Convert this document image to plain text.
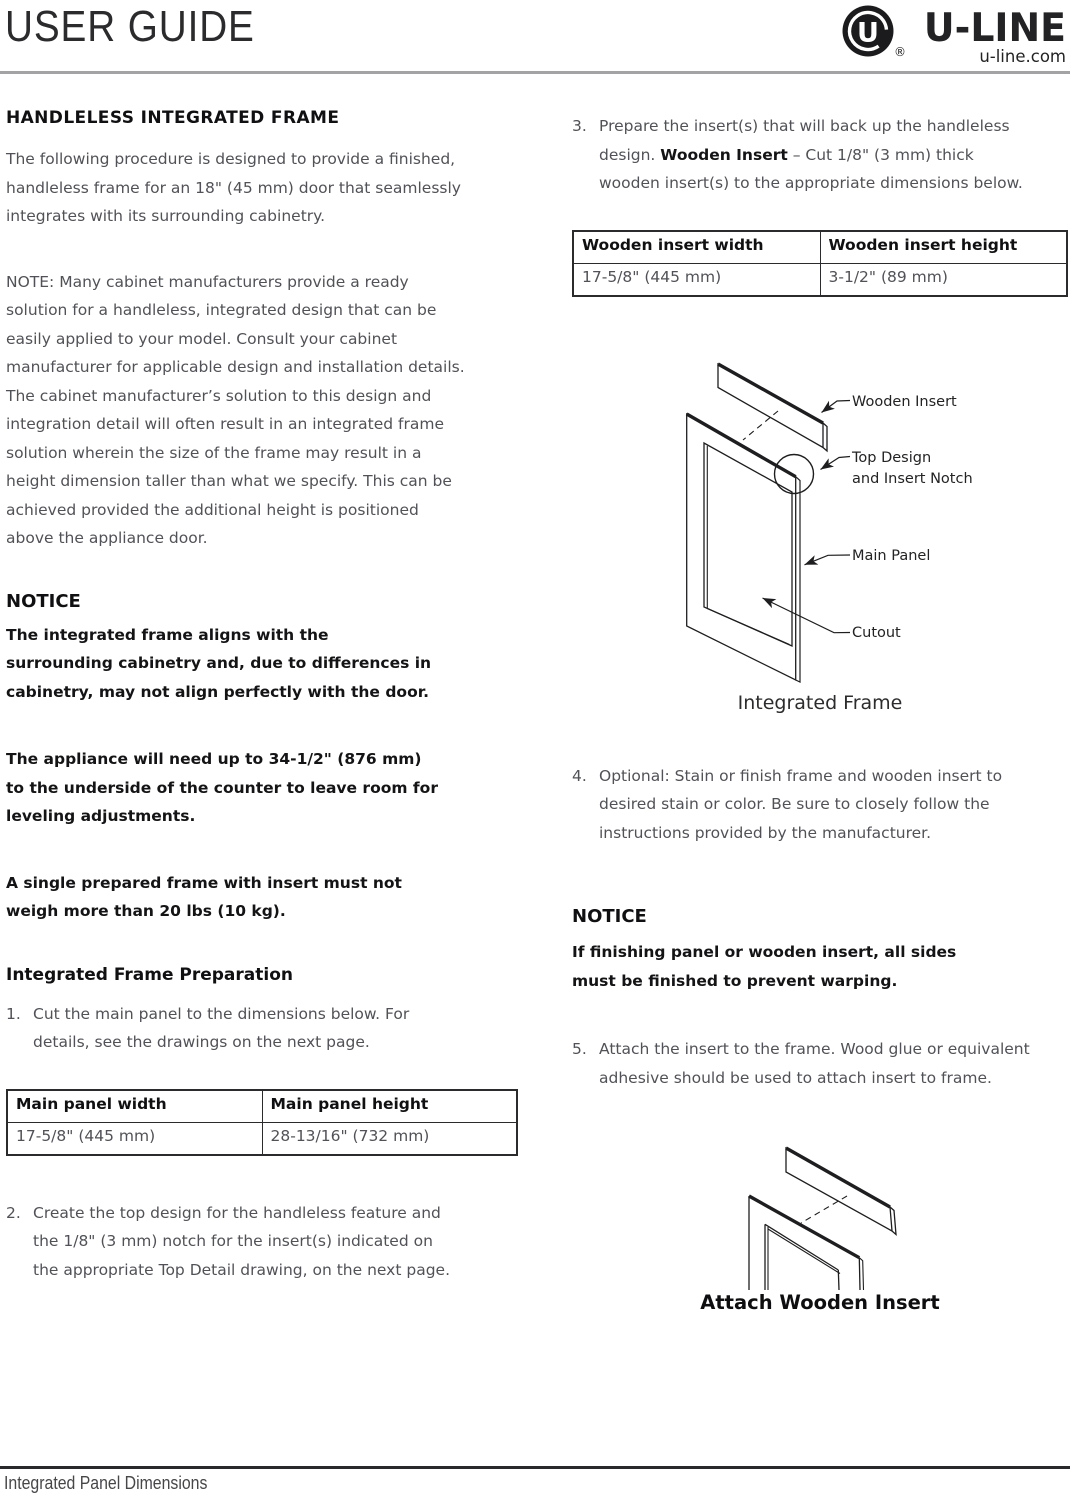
USER GUIDE	U
®
U-LINE
u-line.com
HANDLELESS INTEGRATED FRAME
The following procedure is designed to provide a finished,
handleless frame for an 18" (45 mm) door that seamlessly
integrates with its surrounding cabinetry.
NOTE: Many cabinet manufacturers provide a ready
solution for a handleless, integrated design that can be
easily applied to your model. Consult your cabinet
manufacturer for applicable design and installation details.
The cabinet manufacturer’s solution to this design and
integration detail will often result in an integrated frame
solution wherein the size of the frame may result in a
height dimension taller than what we specify. This can be
achieved provided the additional height is positioned
above the appliance door.
NOTICE
The integrated frame aligns with the
surrounding cabinetry and, due to differences in
cabinetry, may not align perfectly with the door.
The appliance will need up to 34-1/2" (876 mm)
to the underside of the counter to leave room for
leveling adjustments.
A single prepared frame with insert must not
weigh more than 20 lbs (10 kg).
Integrated Frame Preparation
1. Cut the main panel to the dimensions below. For
details, see the drawings on the next page.
Main panel width	Main panel height
17-5/8" (445 mm)	28-13/16" (732 mm)
2. Create the top design for the handleless feature and
the 1/8" (3 mm) notch for the insert(s) indicated on
the appropriate Top Detail drawing, on the next page.
3. Prepare the insert(s) that will back up the handleless
design. Wooden Insert – Cut 1/8" (3 mm) thick
wooden insert(s) to the appropriate dimensions below.
Wooden insert width	Wooden insert height
17-5/8" (445 mm)	3-1/2" (89 mm)
Wooden Insert
Top Design
and Insert Notch
Main Panel
Cutout
Integrated Frame
4. Optional: Stain or finish frame and wooden insert to
desired stain or color. Be sure to closely follow the
instructions provided by the manufacturer.
NOTICE
If finishing panel or wooden insert, all sides
must be finished to prevent warping.
5. Attach the insert to the frame. Wood glue or equivalent
adhesive should be used to attach insert to frame.
Attach Wooden Insert
Integrated Panel Dimensions
